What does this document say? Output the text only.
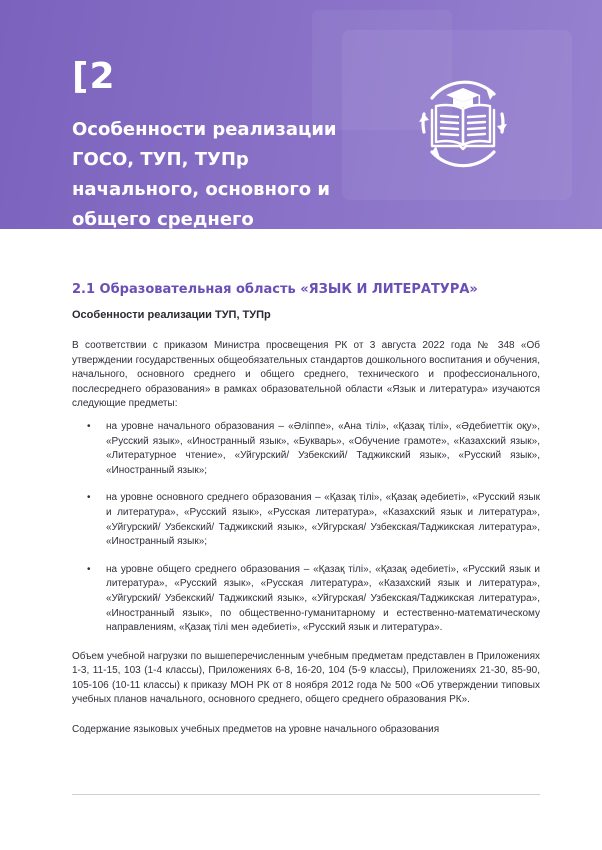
[2
Особенности реализации ГОСО, ТУП, ТУПр начального, основного и общего среднего образования
2.1 Образовательная область «ЯЗЫК И ЛИТЕРАТУРА»
Особенности реализации ТУП, ТУПр

В соответствии с приказом Министра просвещения РК от 3 августа 2022 года № 348 «Об утверждении государственных общеобязательных стандартов дошкольного воспитания и обучения, начального, основного среднего и общего среднего, технического и профессионального, послесреднего образования» в рамках образовательной области «Язык и литература» изучаются следующие предметы:

• на уровне начального образования – «Әліппе», «Ана тілі», «Қазақ тілі», «Әдебиеттік оқу», «Русский язык», «Иностранный язык», «Букварь», «Обучение грамоте», «Казахский язык», «Литературное чтение», «Уйгурский/ Узбекский/ Таджикский язык», «Русский язык», «Иностранный язык»;
• на уровне основного среднего образования – «Қазақ тілі», «Қазақ әдебиеті», «Русский язык и литература», «Русский язык», «Русская литература», «Казахский язык и литература», «Уйгурский/ Узбекский/ Таджикский язык», «Уйгурская/ Узбекская/Таджикская литература», «Иностранный язык»;
• на уровне общего среднего образования – «Қазақ тілі», «Қазақ әдебиеті», «Русский язык и литература», «Русский язык», «Русская литература», «Казахский язык и литература», «Уйгурский/ Узбекский/ Таджикский язык», «Уйгурская/ Узбекская/Таджикская литература», «Иностранный язык», по общественно-гуманитарному и естественно-математическому направлениям, «Қазақ тілі мен әдебиеті», «Русский язык и литература».

Объем учебной нагрузки по вышеперечисленным учебным предметам представлен в Приложениях 1-3, 11-15, 103 (1-4 классы), Приложениях 6-8, 16-20, 104 (5-9 классы), Приложениях 21-30, 85-90, 105-106 (10-11 классы) к приказу МОН РК от 8 ноября 2012 года № 500 «Об утверждении типовых учебных планов начального, основного среднего, общего среднего образования РК».

Содержание языковых учебных предметов на уровне начального образования
